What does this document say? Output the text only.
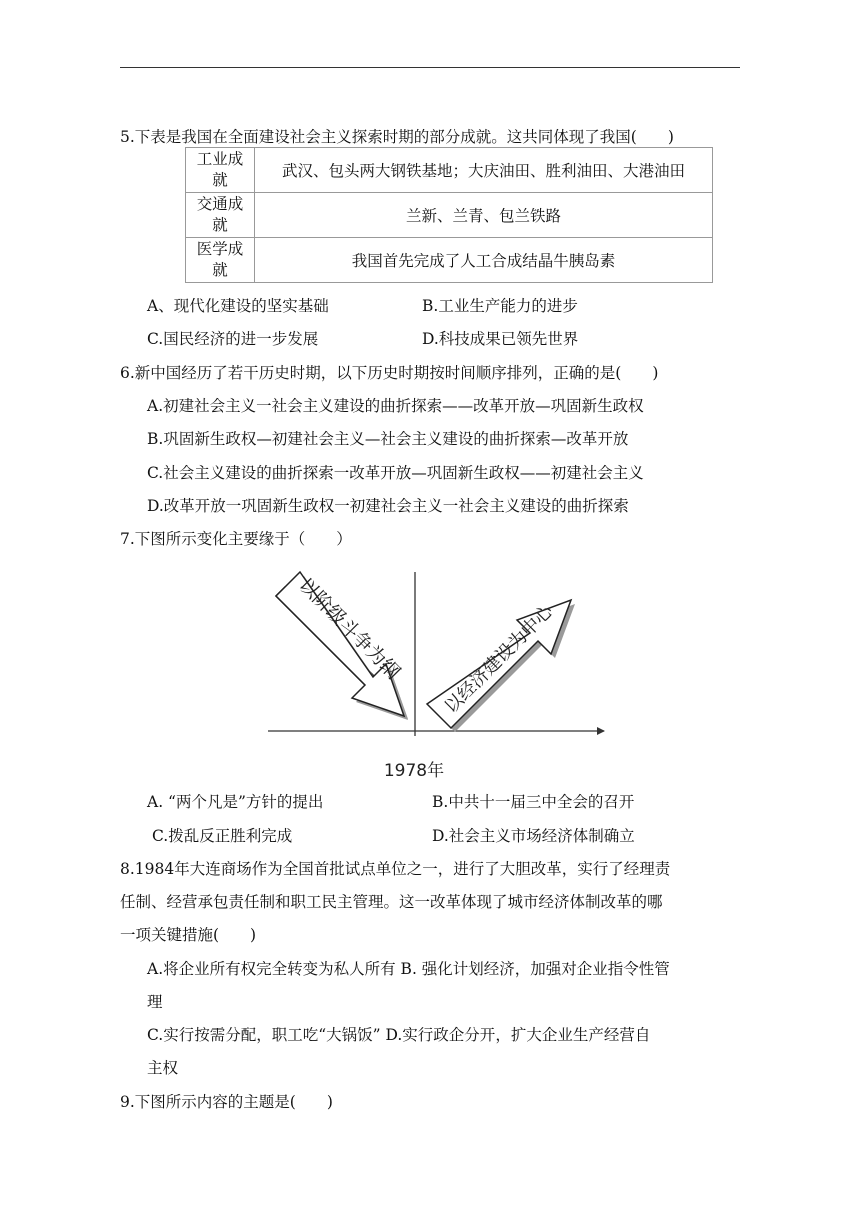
5.下表是我国在全面建设社会主义探索时期的部分成就。这共同体现了我国(　　)
工业成
就	武汉、包头两大钢铁基地；大庆油田、胜利油田、大港油田
交通成
就	兰新、兰青、包兰铁路
医学成
就	我国首先完成了人工合成结晶牛胰岛素
A、现代化建设的坚实基础	B.工业生产能力的进步
C.国民经济的进一步发展	D.科技成果已领先世界
6.新中国经历了若干历史时期，以下历史时期按时间顺序排列，正确的是(　　)
A.初建社会主义一社会主义建设的曲折探索——改革开放—巩固新生政权
B.巩固新生政权—初建社会主义—社会主义建设的曲折探索—改革开放
C.社会主义建设的曲折探索一改革开放—巩固新生政权——初建社会主义
D.改革开放一巩固新生政权一初建社会主义一社会主义建设的曲折探索
7.下图所示变化主要缘于（　　）
以阶级斗争为纲 以经济建设为中心
1978年
A. “两个凡是”方针的提出	B.中共十一届三中全会的召开
C.拨乱反正胜利完成	D.社会主义市场经济体制确立
8.1984年大连商场作为全国首批试点单位之一，进行了大胆改革，实行了经理责
任制、经营承包责任制和职工民主管理。这一改革体现了城市经济体制改革的哪
一项关键措施(　　)
A.将企业所有权完全转变为私人所有 B. 强化计划经济，加强对企业指令性管
理
C.实行按需分配，职工吃“大锅饭” D.实行政企分开，扩大企业生产经营自
主权
9.下图所示内容的主题是(　　)
